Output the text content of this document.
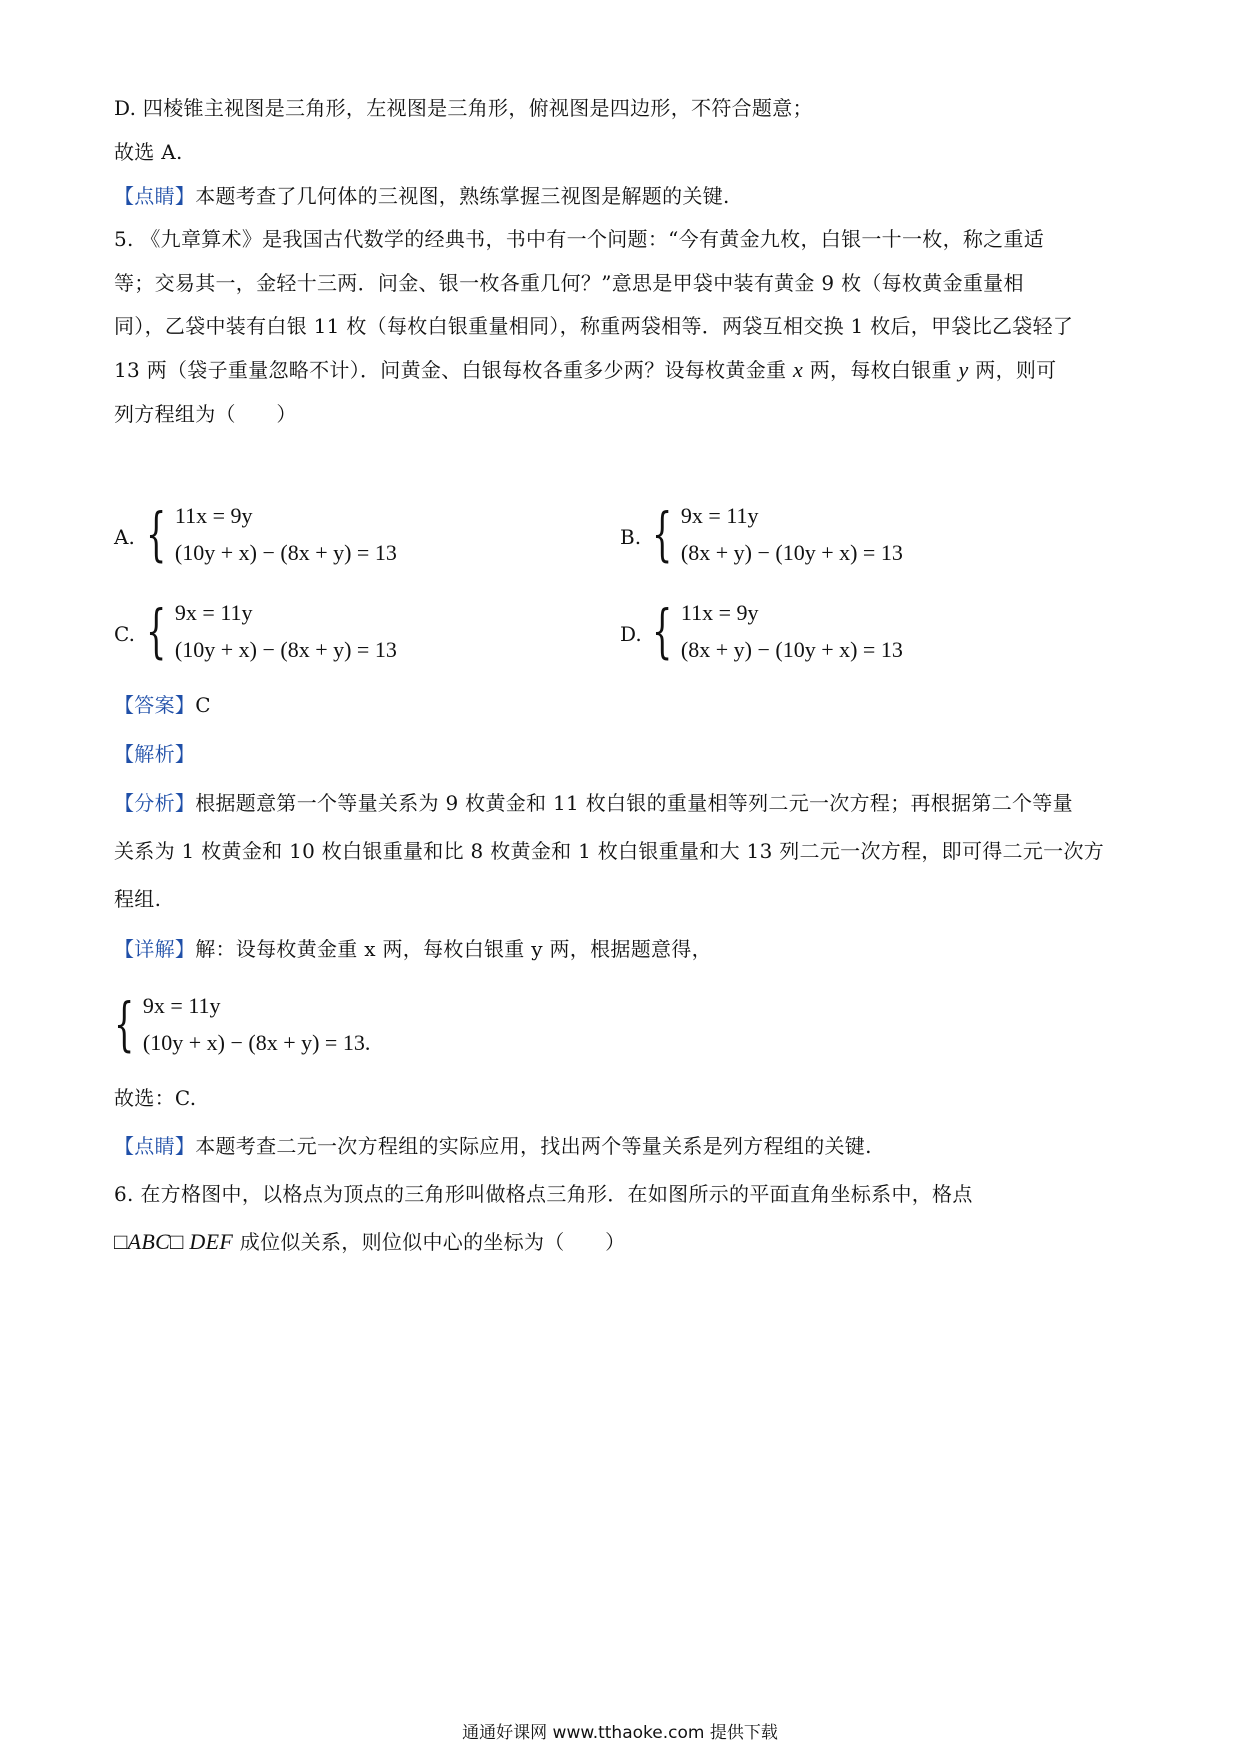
D. 四棱锥主视图是三角形，左视图是三角形，俯视图是四边形，不符合题意；
故选 A.
【点睛】本题考查了几何体的三视图，熟练掌握三视图是解题的关键.
5. 《九章算术》是我国古代数学的经典书，书中有一个问题：“今有黄金九枚，白银一十一枚，称之重适
等；交易其一，金轻十三两．问金、银一枚各重几何？”意思是甲袋中装有黄金 9 枚（每枚黄金重量相
同），乙袋中装有白银 11 枚（每枚白银重量相同），称重两袋相等．两袋互相交换 1 枚后，甲袋比乙袋轻了
13 两（袋子重量忽略不计）．问黄金、白银每枚各重多少两？设每枚黄金重 x 两，每枚白银重 y 两，则可
列方程组为（　　）
A. { 11x = 9y
(10y + x) − (8x + y) = 13
B. { 9x = 11y
(8x + y) − (10y + x) = 13
C. { 9x = 11y
(10y + x) − (8x + y) = 13
D. { 11x = 9y
(8x + y) − (10y + x) = 13
【答案】C
【解析】
【分析】根据题意第一个等量关系为 9 枚黄金和 11 枚白银的重量相等列二元一次方程；再根据第二个等量
关系为 1 枚黄金和 10 枚白银重量和比 8 枚黄金和 1 枚白银重量和大 13 列二元一次方程，即可得二元一次方
程组.
【详解】解：设每枚黄金重 x 两，每枚白银重 y 两，根据题意得，
{ 9x = 11y
(10y + x) − (8x + y) = 13.
故选：C.
【点睛】本题考查二元一次方程组的实际应用，找出两个等量关系是列方程组的关键.
6. 在方格图中，以格点为顶点的三角形叫做格点三角形．在如图所示的平面直角坐标系中，格点
□ABC□ DEF 成位似关系，则位似中心的坐标为（　　）
通通好课网 www.tthaoke.com 提供下载
